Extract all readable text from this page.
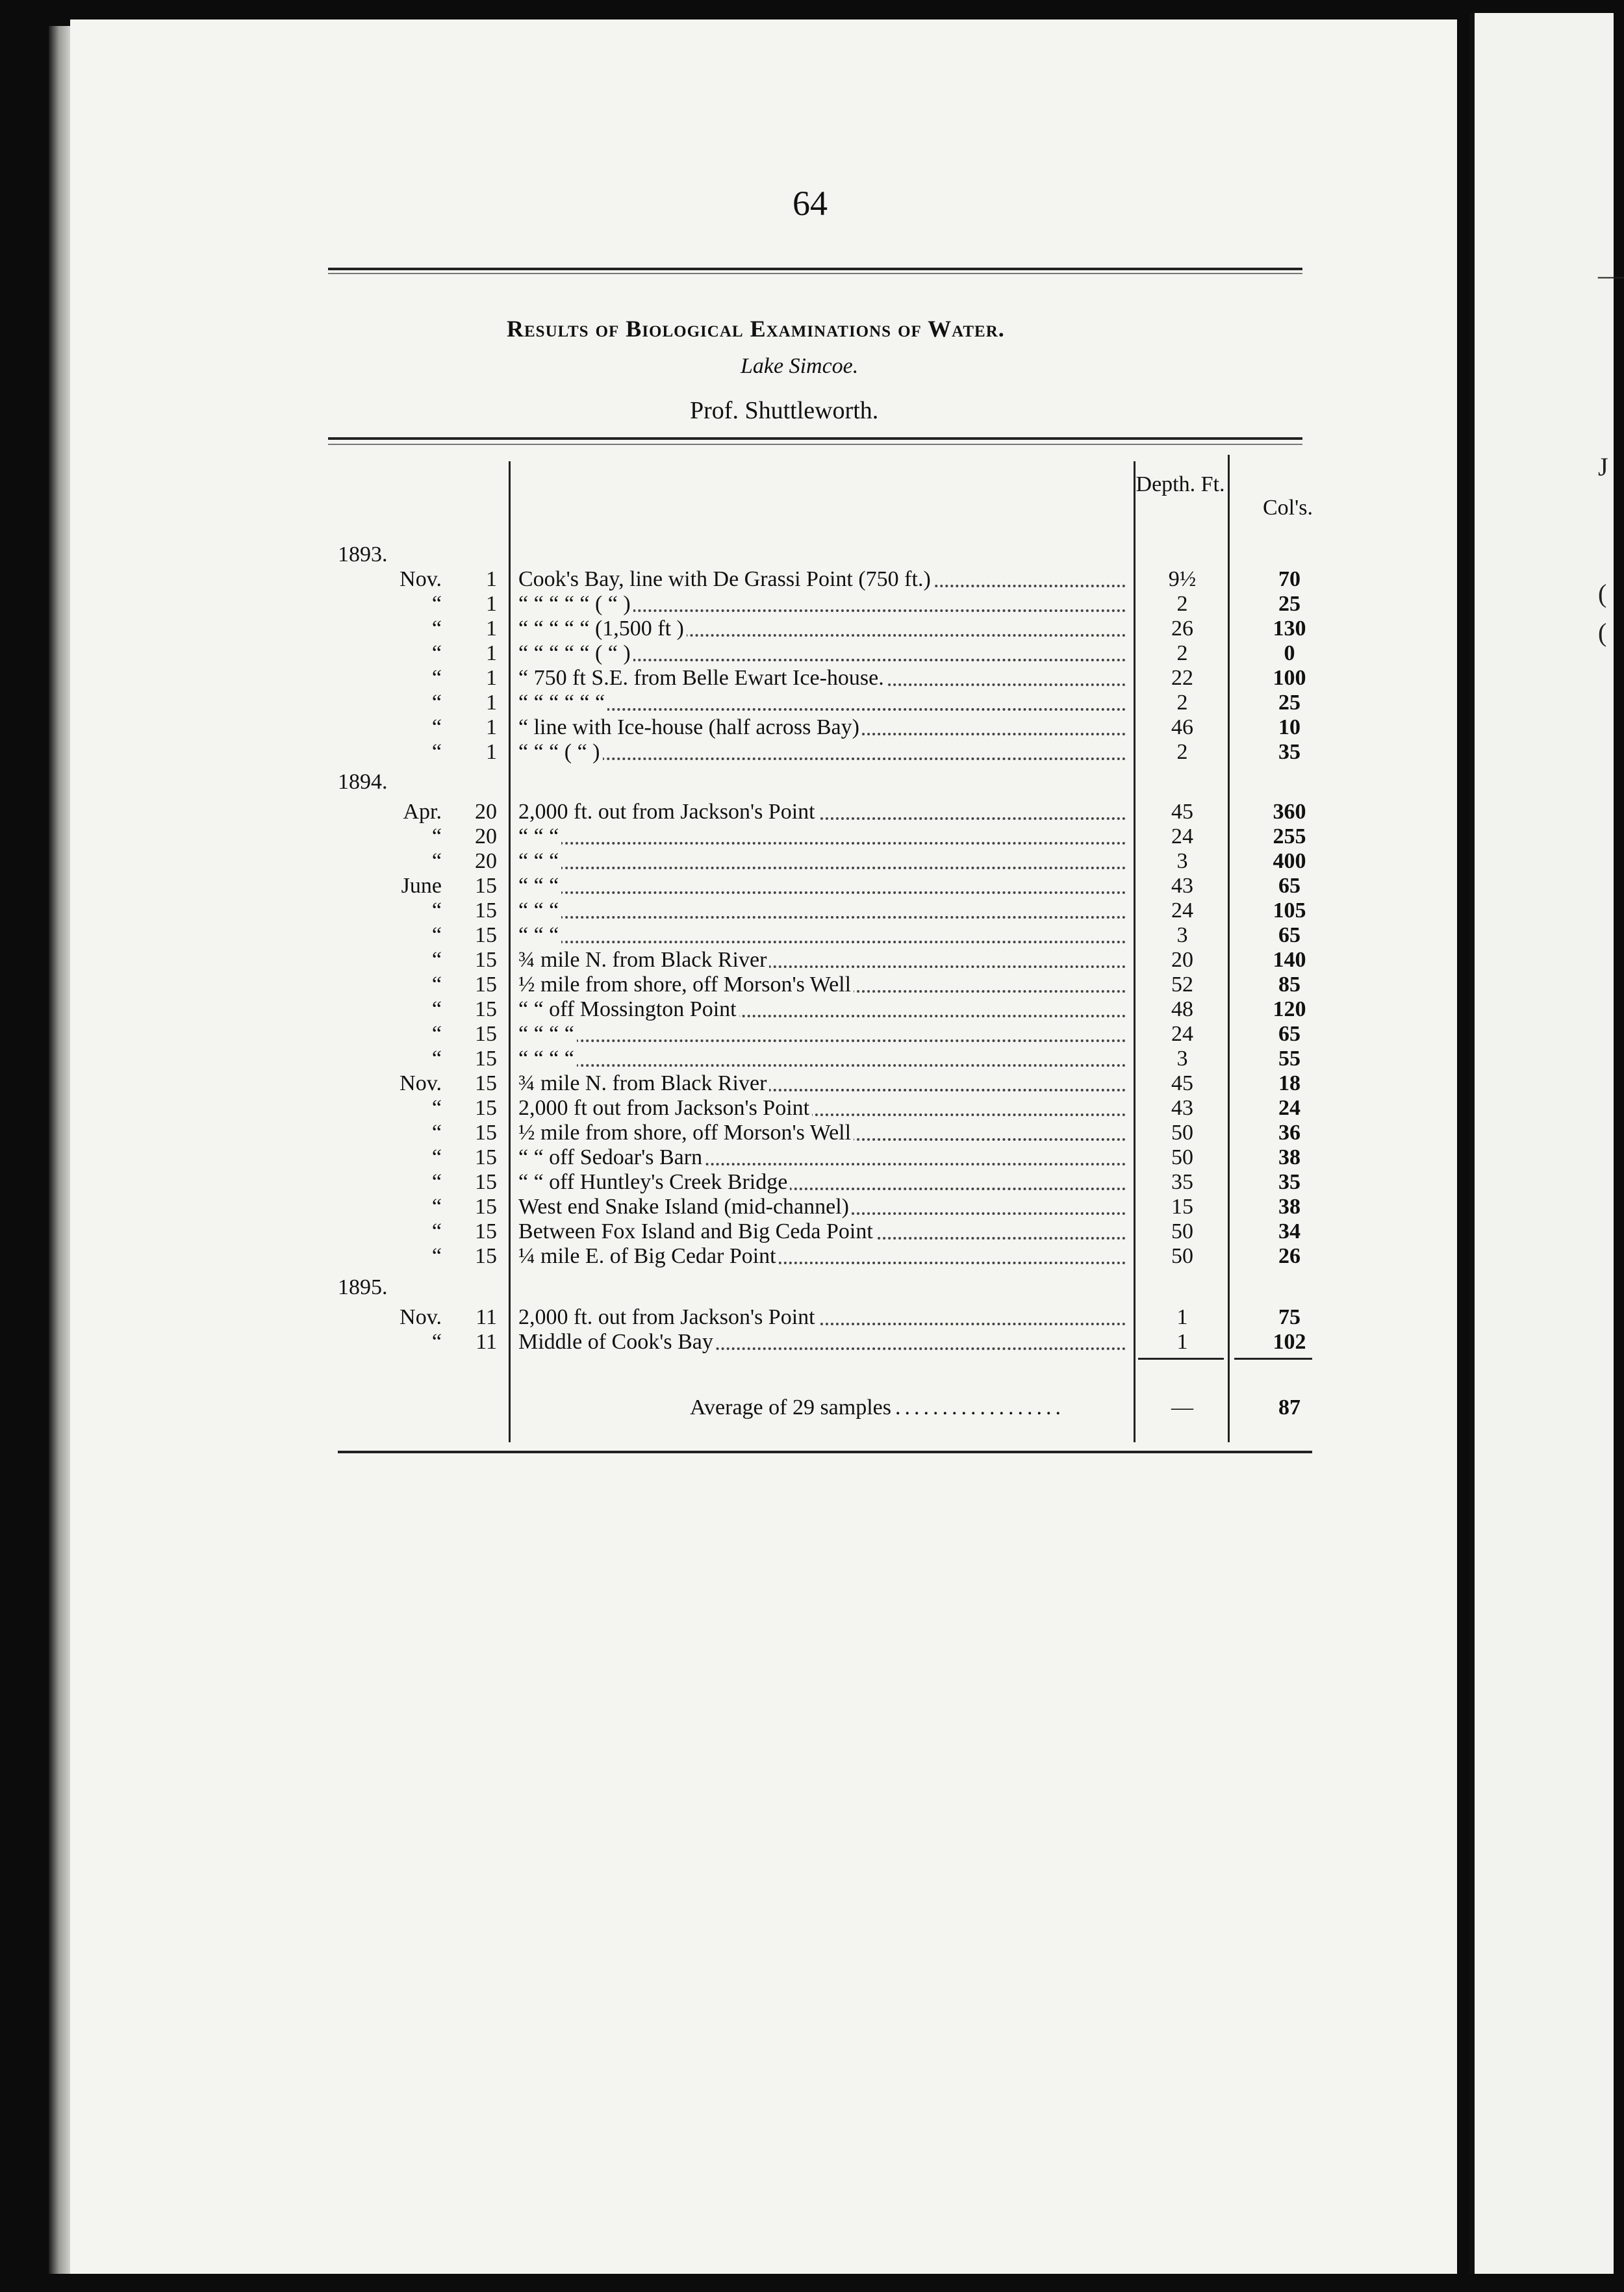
—
J
(
(
64
Results of Biological Examinations of Water.
Lake Simcoe.
Prof. Shuttleworth.
Depth. Ft.
Col's.
1893.
Nov.	1 Cook's Bay, line with De Grassi Point (750 ft.)	9½	70
“	1 “ “ “ “ “ ( “ )	2	25
“	1 “ “ “ “ “ (1,500 ft )	26	130
“	1 “ “ “ “ “ ( “ )	2	0
“	1 “ 750 ft S.E. from Belle Ewart Ice-house.	22	100
“	1 “ “ “ “ “ “	2	25
“	1 “ line with Ice-house (half across Bay)	46	10
“	1 “ “ “ ( “ )	2	35
1894.
Apr.	20 2,000 ft. out from Jackson's Point	45	360
“	20 “ “ “	24	255
“	20 “ “ “	3	400
June	15 “ “ “	43	65
“	15 “ “ “	24	105
“	15 “ “ “	3	65
“	15 ¾ mile N. from Black River	20	140
“	15 ½ mile from shore, off Morson's Well	52	85
“	15 “ “ off Mossington Point	48	120
“	15 “ “ “ “	24	65
“	15 “ “ “ “	3	55
Nov.	15 ¾ mile N. from Black River	45	18
“	15 2,000 ft out from Jackson's Point	43	24
“	15 ½ mile from shore, off Morson's Well	50	36
“	15 “ “ off Sedoar's Barn	50	38
“	15 “ “ off Huntley's Creek Bridge	35	35
“	15 West end Snake Island (mid-channel)	15	38
“	15 Between Fox Island and Big Ceda Point	50	34
“	15 ¼ mile E. of Big Cedar Point	50	26
1895.
Nov.	11 2,000 ft. out from Jackson's Point	1	75
“	11 Middle of Cook's Bay	1	102
Average of 29 samples ..................	—	87
